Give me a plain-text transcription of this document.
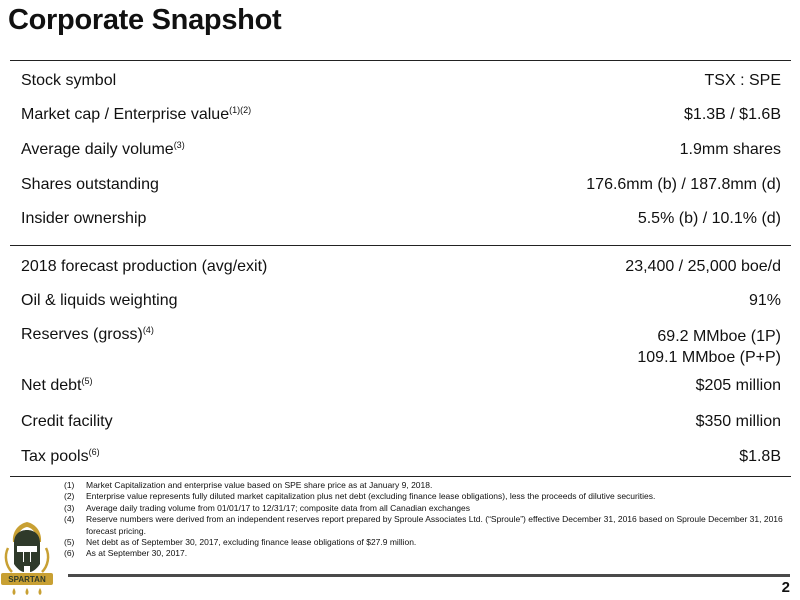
Corporate Snapshot
Stock symbol	TSX : SPE
Market cap / Enterprise value$^{(1)(2)}$	$1.3B / $1.6B
Average daily volume$^{(3)}$	1.9mm shares
Shares outstanding	176.6mm (b) / 187.8mm (d)
Insider ownership	5.5% (b) / 10.1% (d)
2018 forecast production (avg/exit)	23,400 / 25,000 boe/d
Oil & liquids weighting	91%
Reserves (gross)$^{(4)}$	69.2 MMboe (1P)
109.1 MMboe (P+P)
Net debt$^{(5)}$	$205 million
Credit facility	$350 million
Tax pools$^{(6)}$	$1.8B
(1)	Market Capitalization and enterprise value based on SPE share price as at January 9, 2018.
(2)	Enterprise value represents fully diluted market capitalization plus net debt (excluding finance lease obligations), less the proceeds of dilutive securities.
(3)	Average daily trading volume from 01/01/17 to 12/31/17; composite data from all Canadian exchanges
(4)	Reserve numbers were derived from an independent reserves report prepared by Sproule Associates Ltd. (“Sproule”) effective December 31, 2016 based on Sproule December 31, 2016 forecast pricing.
(5)	Net debt as of September 30, 2017, excluding finance lease obligations of $27.9 million.
(6)	As at September 30, 2017.
SPARTAN	2
